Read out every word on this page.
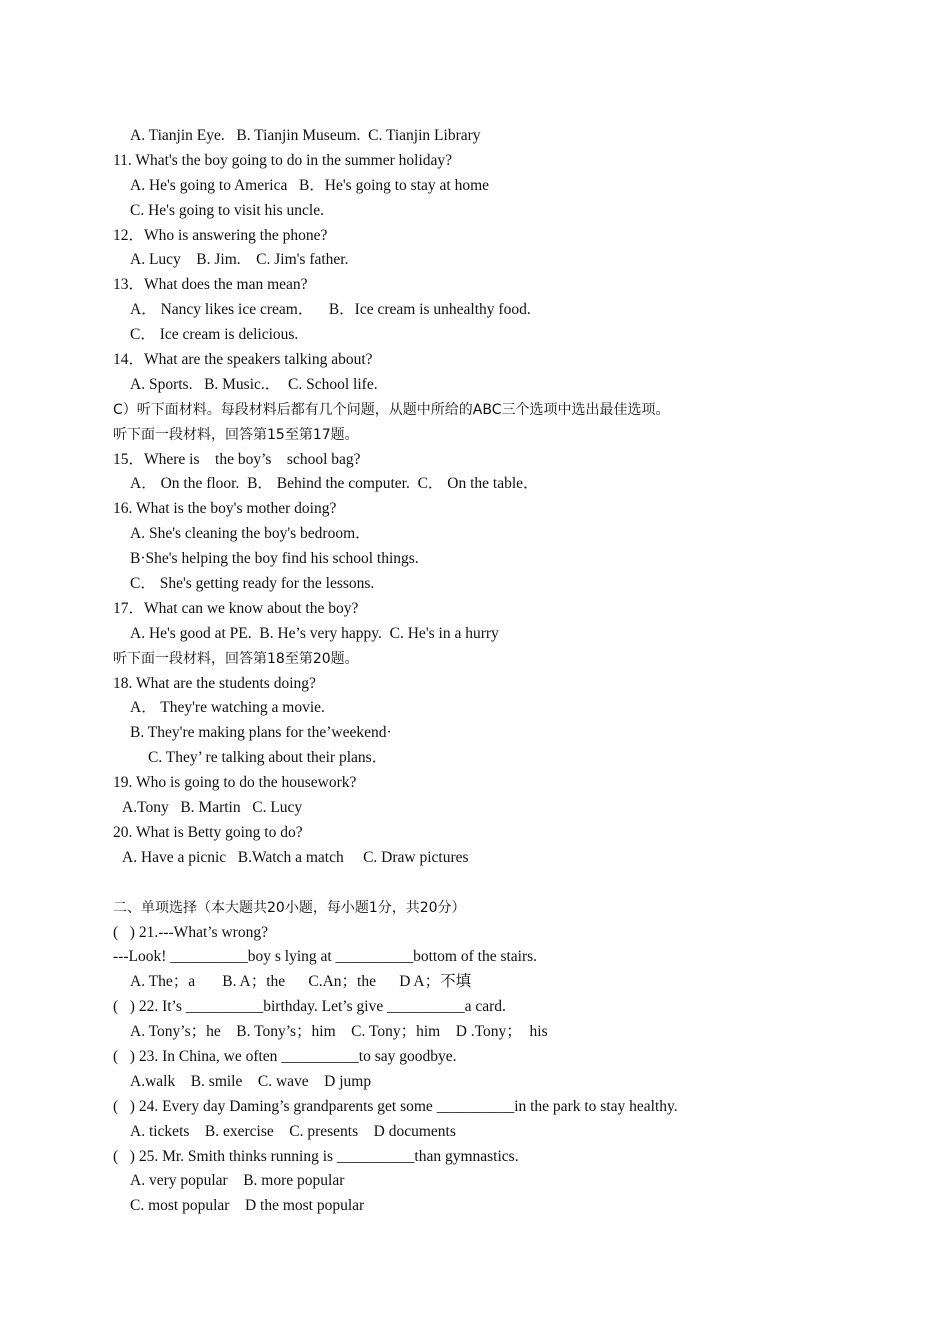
A. Tianjin Eye.   B. Tianjin Museum.  C. Tianjin Library
11. What's the boy going to do in the summer holiday?
A. He's going to America   B．He's going to stay at home
C. He's going to visit his uncle.
12．Who is answering the phone?
A. Lucy    B. Jim.    C. Jim's father.
13．What does the man mean?
A． Nancy likes ice cream．    B．Ice cream is unhealthy food.
C． Ice cream is delicious.
14．What are the speakers talking about?
A. Sports.   B. Music.．  C. School life.
C）听下面材料。每段材料后都有几个问题，从题中所给的ABC三个选项中选出最佳选项。
听下面一段材料，回答第15至第17题。
15．Where is    the boy’s    school bag?
A． On the floor.  B． Behind the computer.  C． On the table．
16. What is the boy's mother doing?
A. She's cleaning the boy's bedroom．
B·She's helping the boy find his school things.
C． She's getting ready for the lessons.
17．What can we know about the boy?
A. He's good at PE.  B. He’s very happy.  C. He's in a hurry
听下面一段材料，回答第18至第20题。
18. What are the students doing?
A． They're watching a movie.
B. They're making plans for the’weekend·
C. They’ re talking about their plans．
19. Who is going to do the housework?
A.Tony   B. Martin   C. Lucy
20. What is Betty going to do?
A. Have a picnic   B.Watch a match     C. Draw pictures
二、单项选择（本大题共20小题，每小题1分，共20分）
(   ) 21.---What’s wrong?
---Look! __________boy s lying at __________bottom of the stairs.
A. The；a       B. A；the      C.An；the      D A；不填
(   ) 22. It’s __________birthday. Let’s give __________a card.
A. Tony’s；he    B. Tony’s；him    C. Tony；him    D .Tony；  his
(   ) 23. In China, we often __________to say goodbye.
A.walk    B. smile    C. wave    D jump
(   ) 24. Every day Daming’s grandparents get some __________in the park to stay healthy.
A. tickets    B. exercise    C. presents    D documents
(   ) 25. Mr. Smith thinks running is __________than gymnastics.
A. very popular    B. more popular
C. most popular    D the most popular
